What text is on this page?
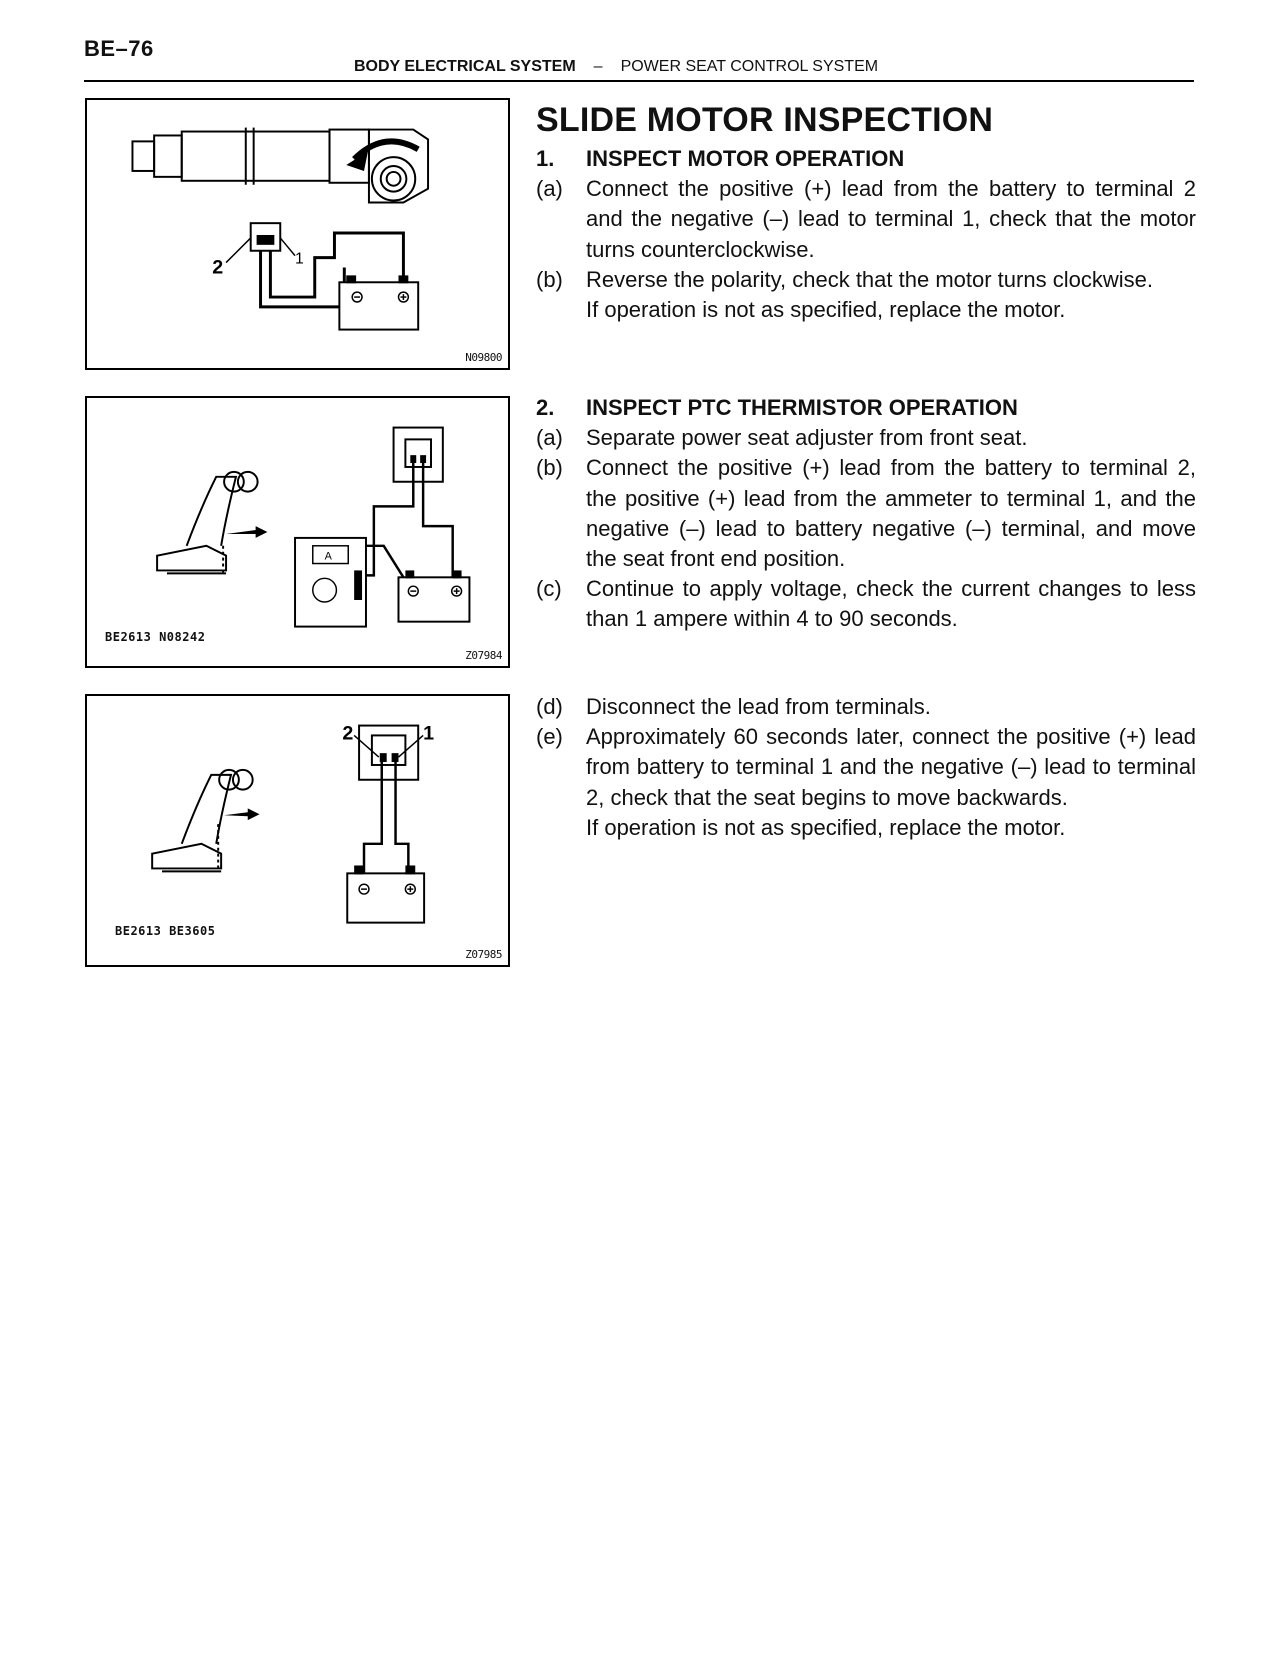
BE–76
BODY ELECTRICAL SYSTEM – POWER SEAT CONTROL SYSTEM
2	1
N09800
A
BE2613 N08242
Z07984
2	1
BE2613 BE3605
Z07985
SLIDE MOTOR INSPECTION
1.	INSPECT MOTOR OPERATION
(a)	Connect the positive (+) lead from the battery to terminal 2 and the negative (–) lead to terminal 1, check that the motor turns counterclockwise.
(b)	Reverse the polarity, check that the motor turns clockwise.
If operation is not as specified, replace the motor.
2.	INSPECT PTC THERMISTOR OPERATION
(a)	Separate power seat adjuster from front seat.
(b)	Connect the positive (+) lead from the battery to terminal 2, the positive (+) lead from the ammeter to terminal 1, and the negative (–) lead to battery negative (–) terminal, and move the seat front end position.
(c)	Continue to apply voltage, check the current changes to less than 1 ampere within 4 to 90 seconds.
(d)	Disconnect the lead from terminals.
(e)	Approximately 60 seconds later, connect the positive (+) lead from battery to terminal 1 and the negative (–) lead to terminal 2, check that the seat begins to move backwards.
If operation is not as specified, replace the motor.
